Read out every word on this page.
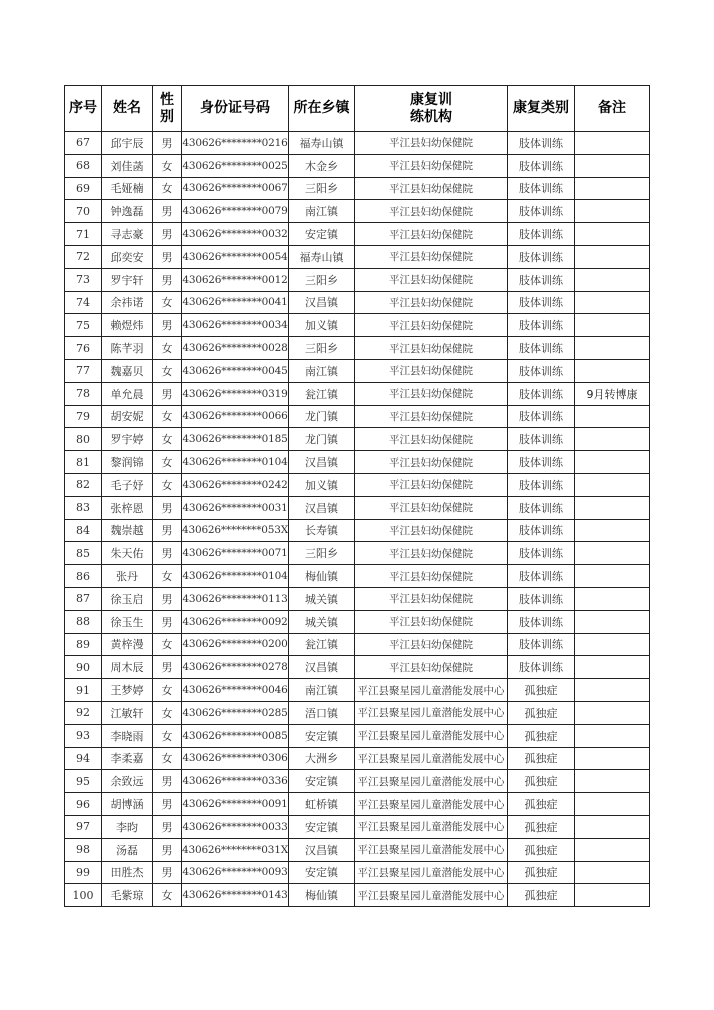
序号	姓名	性别	身份证号码	所在乡镇	康复训练机构	康复类别	备注
67	邱宇辰	男	430626********0216	福寿山镇	平江县妇幼保健院	肢体训练	
68	刘佳菡	女	430626********0025	木金乡	平江县妇幼保健院	肢体训练	
69	毛娅楠	女	430626********0067	三阳乡	平江县妇幼保健院	肢体训练	
70	钟逸磊	男	430626********0079	南江镇	平江县妇幼保健院	肢体训练	
71	寻志豪	男	430626********0032	安定镇	平江县妇幼保健院	肢体训练	
72	邱奕安	男	430626********0054	福寿山镇	平江县妇幼保健院	肢体训练	
73	罗宇轩	男	430626********0012	三阳乡	平江县妇幼保健院	肢体训练	
74	余祎诺	女	430626********0041	汉昌镇	平江县妇幼保健院	肢体训练	
75	赖煜炜	男	430626********0034	加义镇	平江县妇幼保健院	肢体训练	
76	陈芊羽	女	430626********0028	三阳乡	平江县妇幼保健院	肢体训练	
77	魏嘉贝	女	430626********0045	南江镇	平江县妇幼保健院	肢体训练	
78	单允晨	男	430626********0319	瓮江镇	平江县妇幼保健院	肢体训练	9月转博康
79	胡安妮	女	430626********0066	龙门镇	平江县妇幼保健院	肢体训练	
80	罗宇婷	女	430626********0185	龙门镇	平江县妇幼保健院	肢体训练	
81	黎润锦	女	430626********0104	汉昌镇	平江县妇幼保健院	肢体训练	
82	毛子妤	女	430626********0242	加义镇	平江县妇幼保健院	肢体训练	
83	张梓恩	男	430626********0031	汉昌镇	平江县妇幼保健院	肢体训练	
84	魏崇越	男	430626********053X	长寿镇	平江县妇幼保健院	肢体训练	
85	朱天佑	男	430626********0071	三阳乡	平江县妇幼保健院	肢体训练	
86	张丹	女	430626********0104	梅仙镇	平江县妇幼保健院	肢体训练	
87	徐玉启	男	430626********0113	城关镇	平江县妇幼保健院	肢体训练	
88	徐玉生	男	430626********0092	城关镇	平江县妇幼保健院	肢体训练	
89	黄梓漫	女	430626********0200	瓮江镇	平江县妇幼保健院	肢体训练	
90	周木辰	男	430626********0278	汉昌镇	平江县妇幼保健院	肢体训练	
91	王梦婷	女	430626********0046	南江镇	平江县聚星园儿童潜能发展中心	孤独症	
92	江敏轩	女	430626********0285	浯口镇	平江县聚星园儿童潜能发展中心	孤独症	
93	李晓雨	女	430626********0085	安定镇	平江县聚星园儿童潜能发展中心	孤独症	
94	李柔嘉	女	430626********0306	大洲乡	平江县聚星园儿童潜能发展中心	孤独症	
95	余致远	男	430626********0336	安定镇	平江县聚星园儿童潜能发展中心	孤独症	
96	胡博涵	男	430626********0091	虹桥镇	平江县聚星园儿童潜能发展中心	孤独症	
97	李昀	男	430626********0033	安定镇	平江县聚星园儿童潜能发展中心	孤独症	
98	汤磊	男	430626********031X	汉昌镇	平江县聚星园儿童潜能发展中心	孤独症	
99	田胜杰	男	430626********0093	安定镇	平江县聚星园儿童潜能发展中心	孤独症	
100	毛紫琼	女	430626********0143	梅仙镇	平江县聚星园儿童潜能发展中心	孤独症	
